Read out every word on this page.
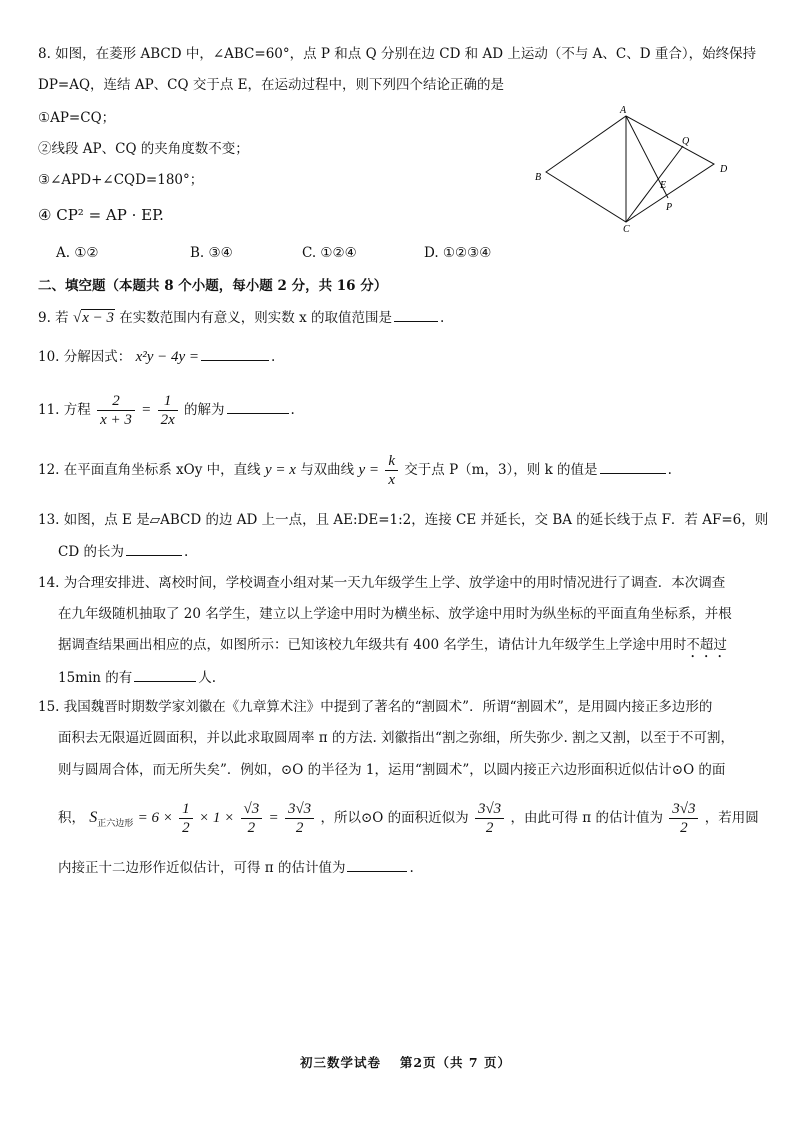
8. 如图，在菱形 ABCD 中，∠ABC=60°，点 P 和点 Q 分别在边 CD 和 AD 上运动（不与 A、C、D 重合），始终保持
DP=AQ，连结 AP、CQ 交于点 E，在运动过程中，则下列四个结论正确的是
①AP=CQ；
②线段 AP、CQ 的夹角度数不变；
③∠APD+∠CQD=180°；
④ CP² = AP · EP.
A. ①②	B. ③④	C. ①②④	D. ①②③④
A
B
C
D
Q
E
P
二、填空题（本题共 8 个小题，每小题 2 分，共 16 分）
9. 若 √x − 3 在实数范围内有意义，则实数 x 的取值范围是	.
10. 分解因式： x²y − 4y =	.
11. 方程 $\frac{2}{x + 3} = \frac{1}{2x}$ 的解为	.
12. 在平面直角坐标系 xOy 中，直线 y = x 与双曲线 $y = \frac{k}{x}$ 交于点 P（m，3），则 k 的值是	.
13. 如图，点 E 是▱ABCD 的边 AD 上一点，且 AE:DE=1:2，连接 CE 并延长，交 BA 的延长线于点 F．若 AF=6，则
CD 的长为	.
14. 为合理安排进、离校时间，学校调查小组对某一天九年级学生上学、放学途中的用时情况进行了调查．本次调查
在九年级随机抽取了 20 名学生，建立以上学途中用时为横坐标、放学途中用时为纵坐标的平面直角坐标系，并根
据调查结果画出相应的点，如图所示：已知该校九年级共有 400 名学生，请估计九年级学生上学途中用时不超过
15min 的有	人.
15. 我国魏晋时期数学家刘徽在《九章算术注》中提到了著名的“割圆术”．所谓“割圆术”，是用圆内接正多边形的
面积去无限逼近圆面积，并以此求取圆周率 π 的方法. 刘徽指出“割之弥细，所失弥少. 割之又割，以至于不可割，
则与圆周合体，而无所失矣”．例如，⊙O 的半径为 1，运用“割圆术”，以圆内接正六边形面积近似估计⊙O 的面
积， $S_{正六边形} = 6 \times \frac{1}{2} \times 1 \times \frac{√3}{2} = \frac{3√3}{2}$ ，所以⊙O 的面积近似为 $\frac{3√3}{2}$ ，由此可得 π 的估计值为 $\frac{3√3}{2}$ ，若用圆
内接正十二边形作近似估计，可得 π 的估计值为	.
初三数学试卷　 第2页（共 7 页）
